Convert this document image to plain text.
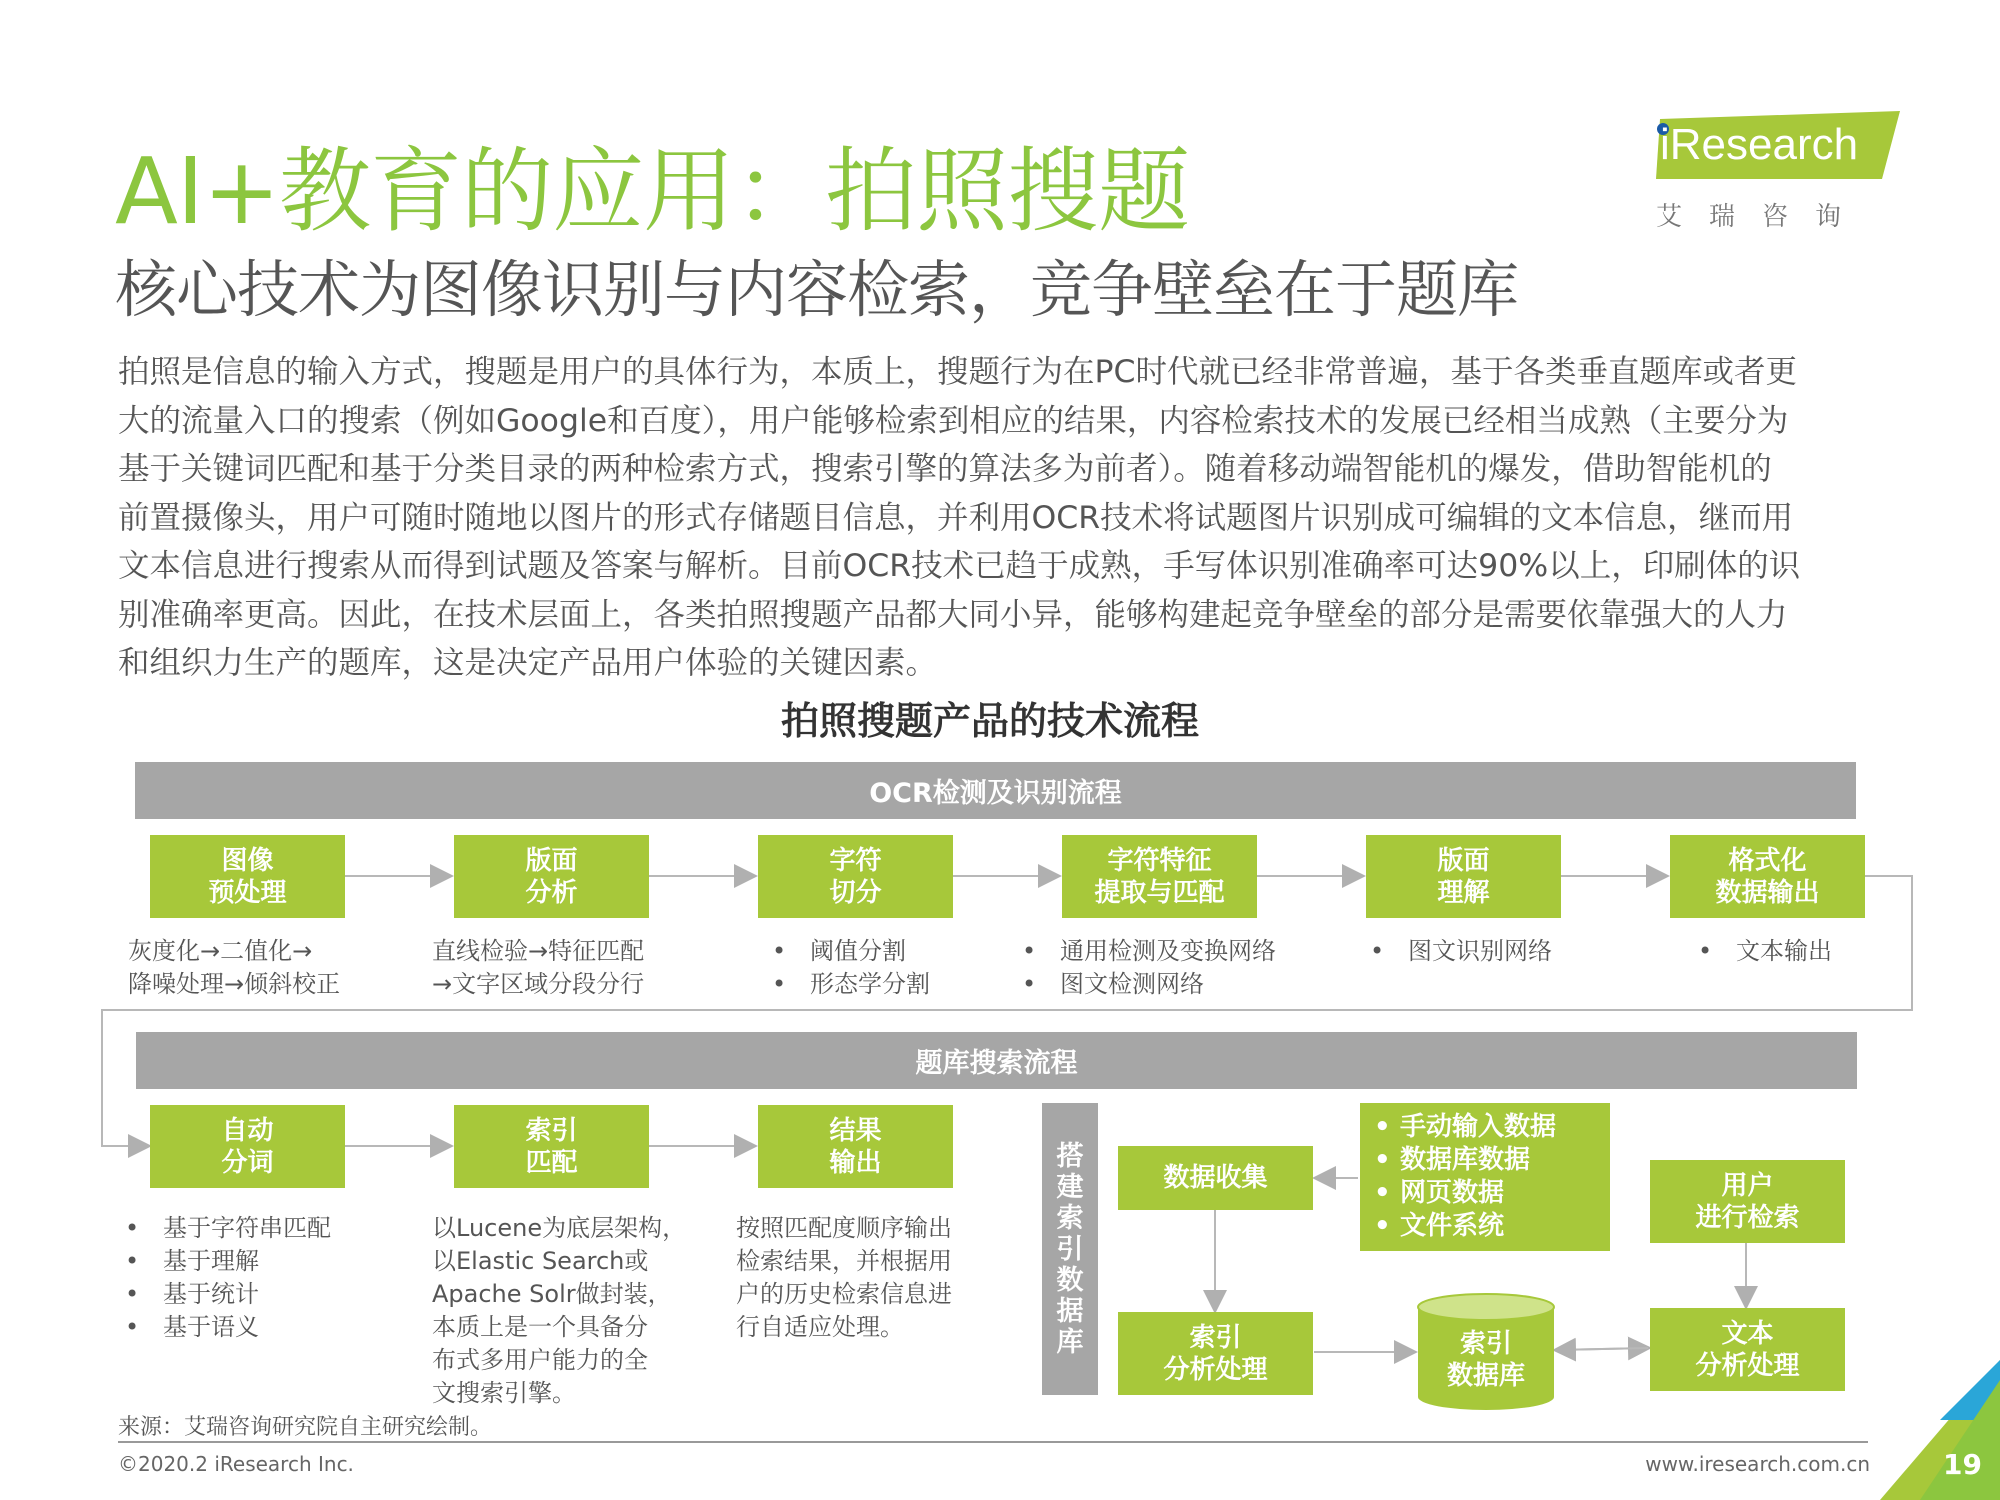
AI+教育的应用：拍照搜题
核心技术为图像识别与内容检索，竞争壁垒在于题库
iResearch
艾瑞咨询
拍照是信息的输入方式，搜题是用户的具体行为，本质上，搜题行为在PC时代就已经非常普遍，基于各类垂直题库或者更
大的流量入口的搜索（例如Google和百度），用户能够检索到相应的结果，内容检索技术的发展已经相当成熟（主要分为
基于关键词匹配和基于分类目录的两种检索方式，搜索引擎的算法多为前者）。随着移动端智能机的爆发，借助智能机的
前置摄像头，用户可随时随地以图片的形式存储题目信息，并利用OCR技术将试题图片识别成可编辑的文本信息，继而用
文本信息进行搜索从而得到试题及答案与解析。目前OCR技术已趋于成熟，手写体识别准确率可达90%以上，印刷体的识
别准确率更高。因此，在技术层面上，各类拍照搜题产品都大同小异，能够构建起竞争壁垒的部分是需要依靠强大的人力
和组织力生产的题库，这是决定产品用户体验的关键因素。
拍照搜题产品的技术流程
OCR检测及识别流程
图像
预处理
版面
分析
字符
切分
字符特征
提取与匹配
版面
理解
格式化
数据输出
灰度化→二值化→
降噪处理→倾斜校正
直线检验→特征匹配
→文字区域分段分行
• 阈值分割
• 形态学分割
• 通用检测及变换网络
• 图文检测网络
• 图文识别网络	• 文本输出
题库搜索流程
自动
分词
索引
匹配
结果
输出
• 基于字符串匹配
• 基于理解
• 基于统计
• 基于语义
以Lucene为底层架构，
以Elastic Search或
Apache Solr做封装，
本质上是一个具备分
布式多用户能力的全
文搜索引擎。
按照匹配度顺序输出
检索结果，并根据用
户的历史检索信息进
行自适应处理。
搭
建
索
引
数
据
库
数据收集
• 手动输入数据
• 数据库数据
• 网页数据
• 文件系统
用户
进行检索
索引
分析处理
索引
数据库
文本
分析处理
来源：艾瑞咨询研究院自主研究绘制。
©2020.2 iResearch Inc.	www.iresearch.com.cn	19
